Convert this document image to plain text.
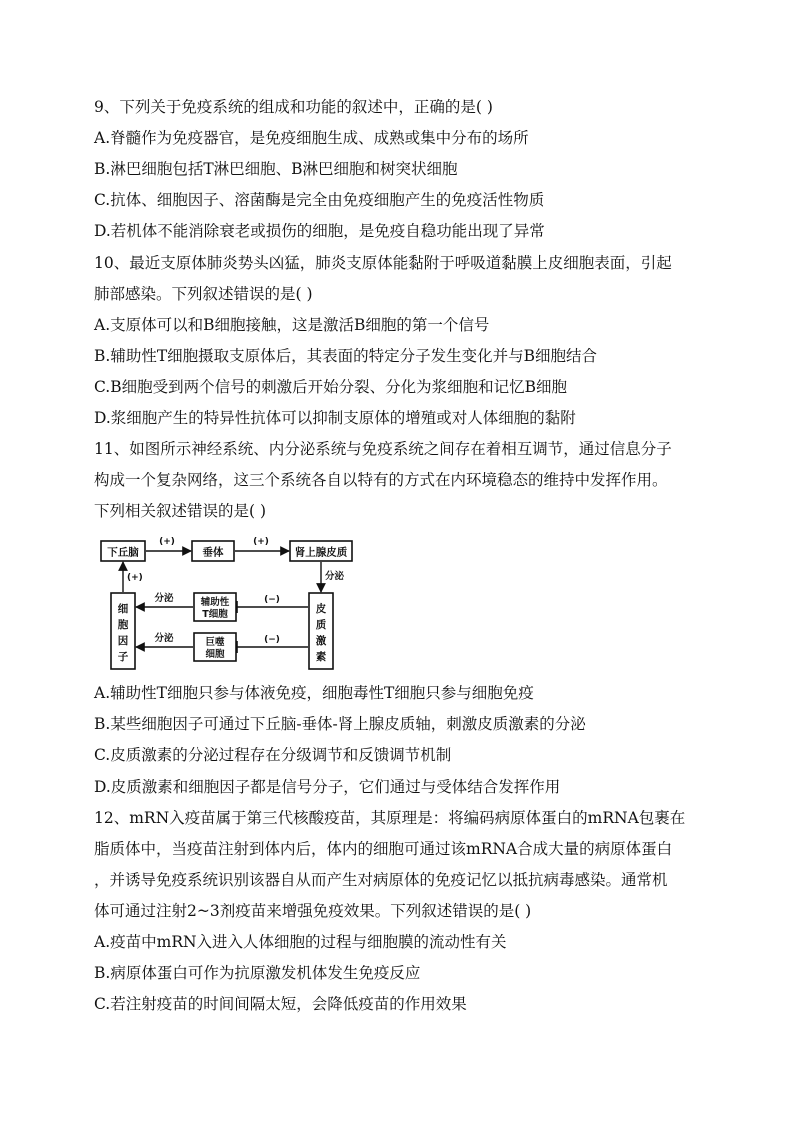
9、下列关于免疫系统的组成和功能的叙述中，正确的是( )
A.脊髓作为免疫器官，是免疫细胞生成、成熟或集中分布的场所
B.淋巴细胞包括T淋巴细胞、B淋巴细胞和树突状细胞
C.抗体、细胞因子、溶菌酶是完全由免疫细胞产生的免疫活性物质
D.若机体不能消除衰老或损伤的细胞，是免疫自稳功能出现了异常
10、最近支原体肺炎势头凶猛，肺炎支原体能黏附于呼吸道黏膜上皮细胞表面，引起
肺部感染。下列叙述错误的是( )
A.支原体可以和B细胞接触，这是激活B细胞的第一个信号
B.辅助性T细胞摄取支原体后，其表面的特定分子发生变化并与B细胞结合
C.B细胞受到两个信号的刺激后开始分裂、分化为浆细胞和记忆B细胞
D.浆细胞产生的特异性抗体可以抑制支原体的增殖或对人体细胞的黏附
11、如图所示神经系统、内分泌系统与免疫系统之间存在着相互调节，通过信息分子
构成一个复杂网络，这三个系统各自以特有的方式在内环境稳态的维持中发挥作用。
下列相关叙述错误的是( )
下丘脑	垂体	肾上腺皮质
(+)	(+)
分泌
皮
质
激
素
细
胞
因
子
(+)
辅助性
T细胞
巨噬
细胞
(−)
(−)
分泌
分泌
A.辅助性T细胞只参与体液免疫，细胞毒性T细胞只参与细胞免疫
B.某些细胞因子可通过下丘脑-垂体-肾上腺皮质轴，刺激皮质激素的分泌
C.皮质激素的分泌过程存在分级调节和反馈调节机制
D.皮质激素和细胞因子都是信号分子，它们通过与受体结合发挥作用
12、mRN入疫苗属于第三代核酸疫苗，其原理是：将编码病原体蛋白的mRNA包裹在
脂质体中，当疫苗注射到体内后，体内的细胞可通过该mRNA合成大量的病原体蛋白
，并诱导免疫系统识别该器自从而产生对病原体的免疫记忆以抵抗病毒感染。通常机
体可通过注射2~3剂疫苗来增强免疫效果。下列叙述错误的是( )
A.疫苗中mRN入进入人体细胞的过程与细胞膜的流动性有关
B.病原体蛋白可作为抗原激发机体发生免疫反应
C.若注射疫苗的时间间隔太短，会降低疫苗的作用效果
